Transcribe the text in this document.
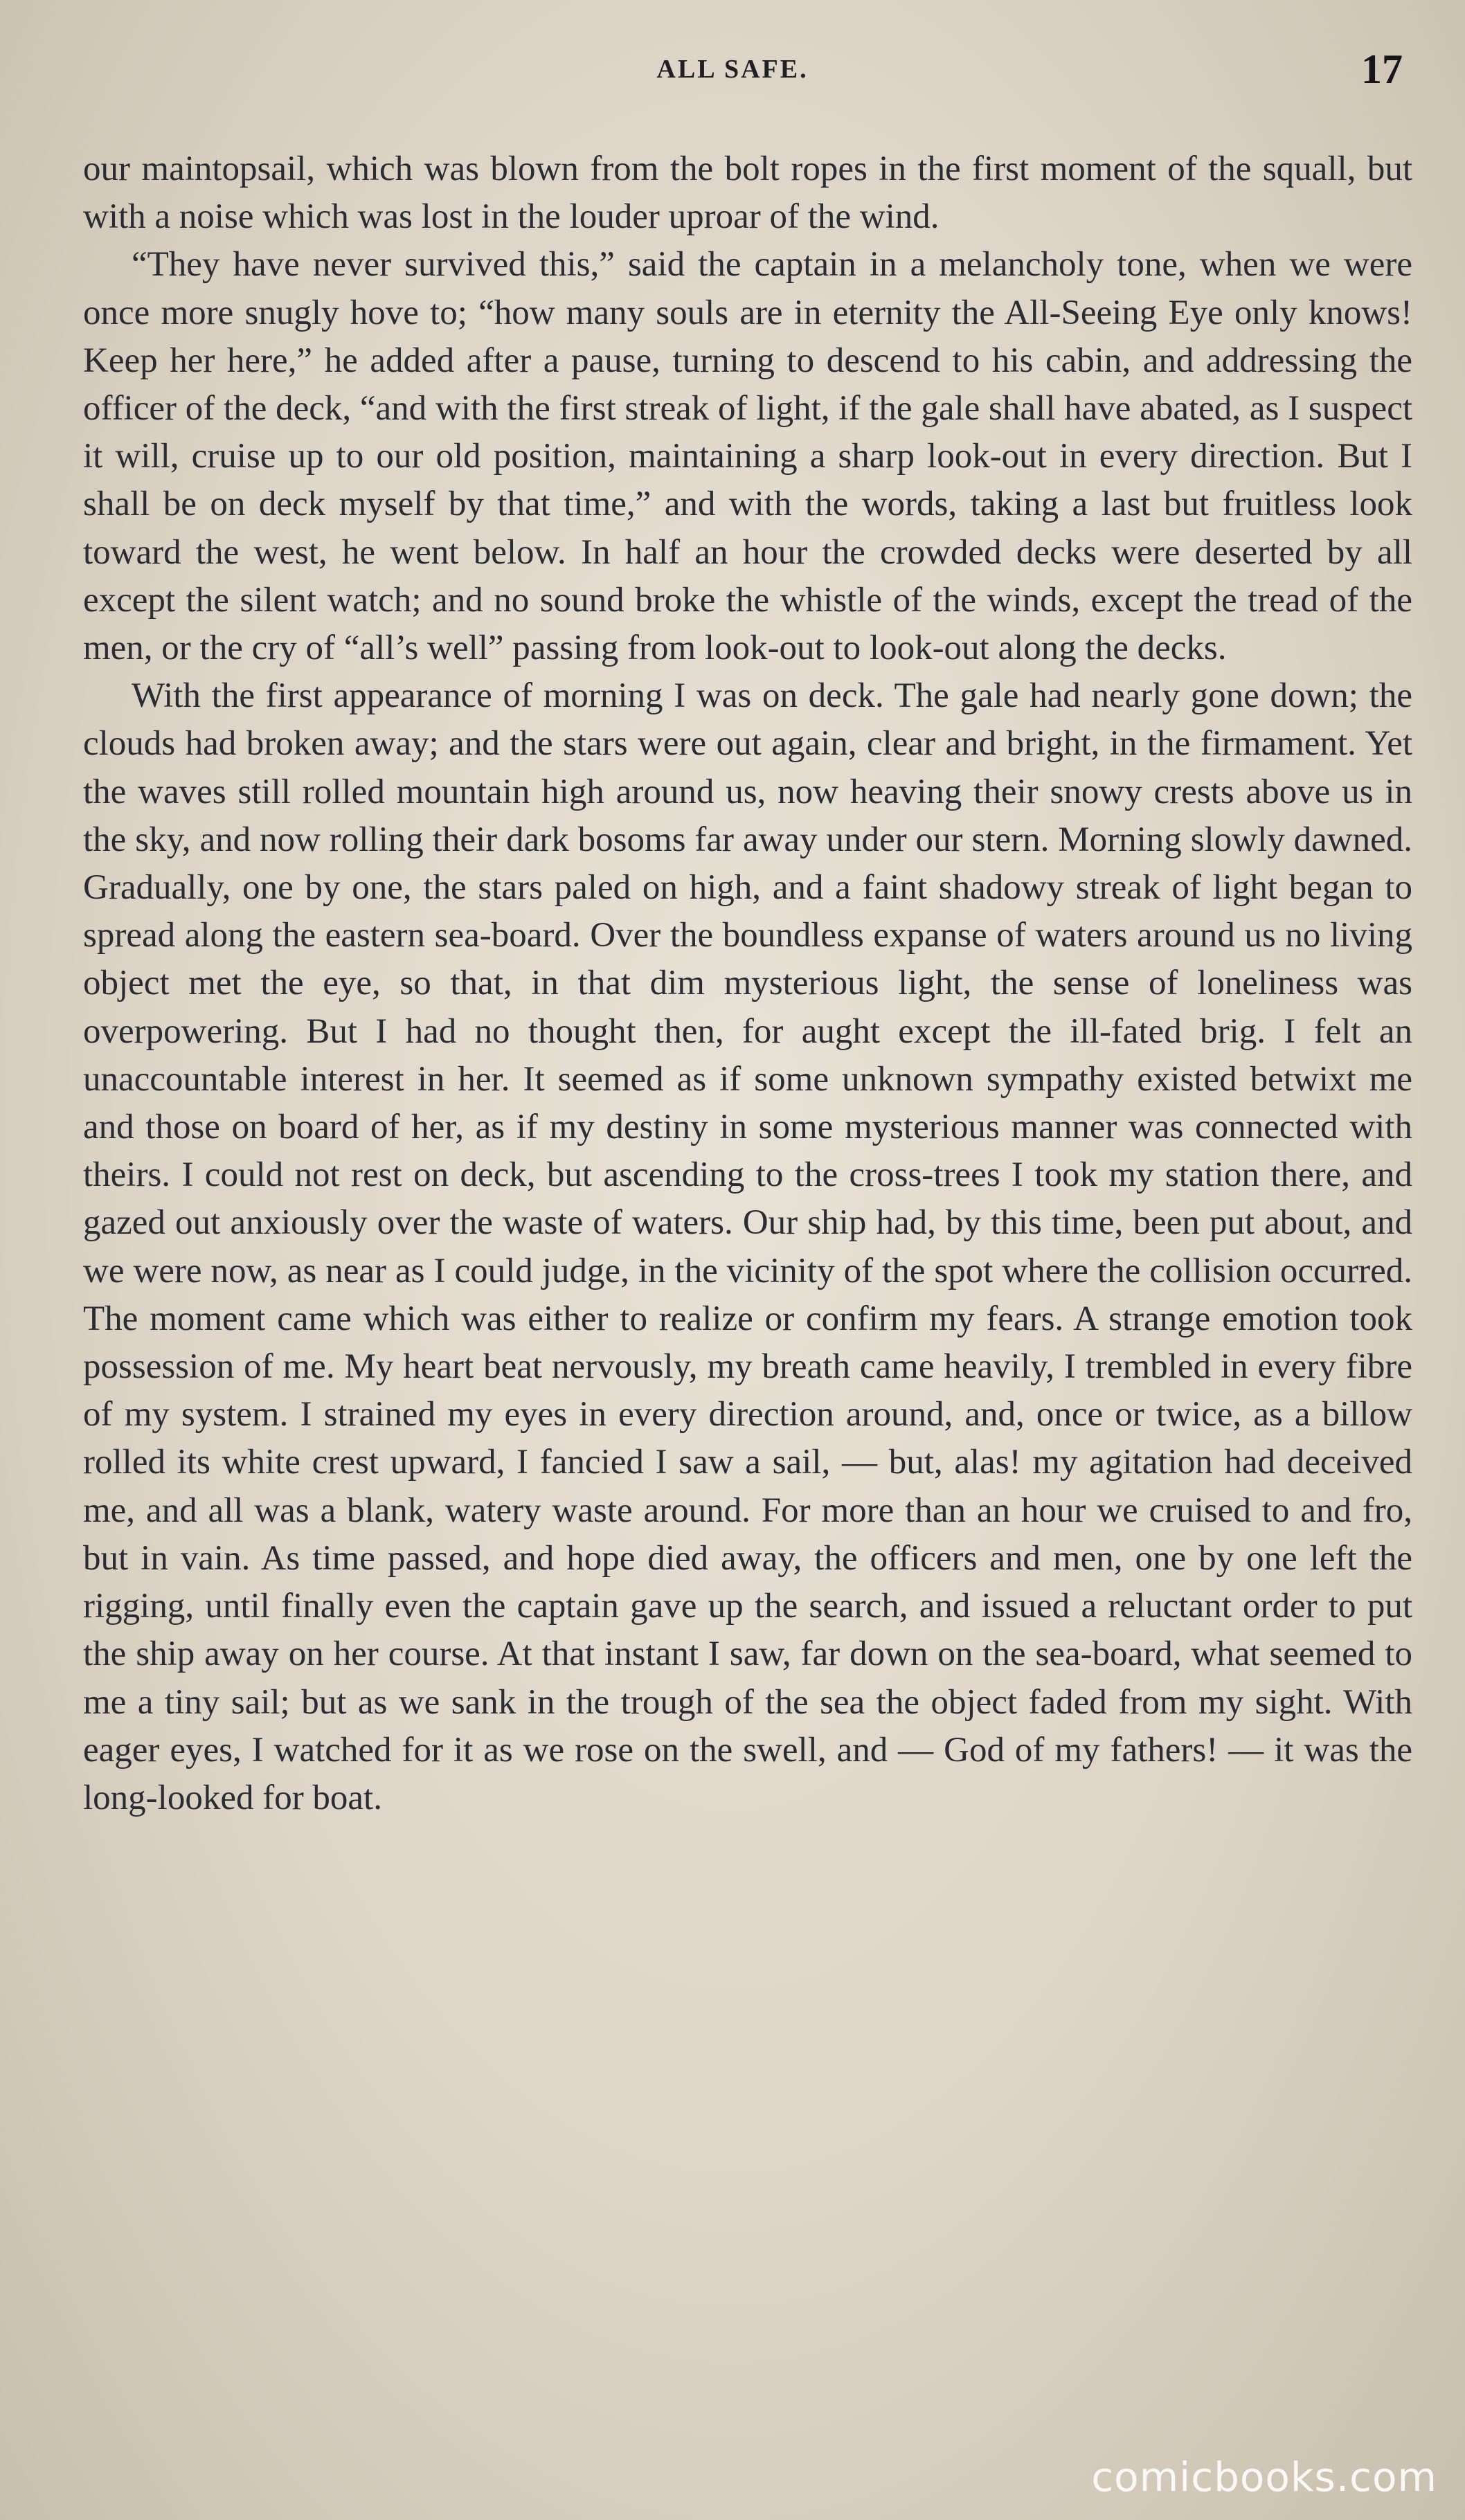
ALL SAFE.	17

our maintopsail, which was blown from the bolt ropes in the first moment of the squall, but with a noise which was lost in the louder uproar of the wind.

“They have never survived this,” said the captain in a melancholy tone, when we were once more snugly hove to; “how many souls are in eternity the All-Seeing Eye only knows! Keep her here,” he added after a pause, turning to descend to his cabin, and addressing the officer of the deck, “and with the first streak of light, if the gale shall have abated, as I suspect it will, cruise up to our old position, maintaining a sharp look-out in every direction. But I shall be on deck myself by that time,” and with the words, taking a last but fruitless look toward the west, he went below. In half an hour the crowded decks were deserted by all except the silent watch; and no sound broke the whistle of the winds, except the tread of the men, or the cry of “all’s well” passing from look-out to look-out along the decks.

With the first appearance of morning I was on deck. The gale had nearly gone down; the clouds had broken away; and the stars were out again, clear and bright, in the firmament. Yet the waves still rolled mountain high around us, now heaving their snowy crests above us in the sky, and now rolling their dark bosoms far away under our stern. Morning slowly dawned. Gradually, one by one, the stars paled on high, and a faint shadowy streak of light began to spread along the eastern sea-board. Over the boundless expanse of waters around us no living object met the eye, so that, in that dim mysterious light, the sense of loneliness was overpowering. But I had no thought then, for aught except the ill-fated brig. I felt an unaccountable interest in her. It seemed as if some unknown sympathy existed betwixt me and those on board of her, as if my destiny in some mysterious manner was connected with theirs. I could not rest on deck, but ascending to the cross-trees I took my station there, and gazed out anxiously over the waste of waters. Our ship had, by this time, been put about, and we were now, as near as I could judge, in the vicinity of the spot where the collision occurred. The moment came which was either to realize or confirm my fears. A strange emotion took possession of me. My heart beat nervously, my breath came heavily, I trembled in every fibre of my system. I strained my eyes in every direction around, and, once or twice, as a billow rolled its white crest upward, I fancied I saw a sail, — but, alas! my agitation had deceived me, and all was a blank, watery waste around. For more than an hour we cruised to and fro, but in vain. As time passed, and hope died away, the officers and men, one by one left the rigging, until finally even the captain gave up the search, and issued a reluctant order to put the ship away on her course. At that instant I saw, far down on the sea-board, what seemed to me a tiny sail; but as we sank in the trough of the sea the object faded from my sight. With eager eyes, I watched for it as we rose on the swell, and — God of my fathers! — it was the long-looked for boat.

comicbooks.com
